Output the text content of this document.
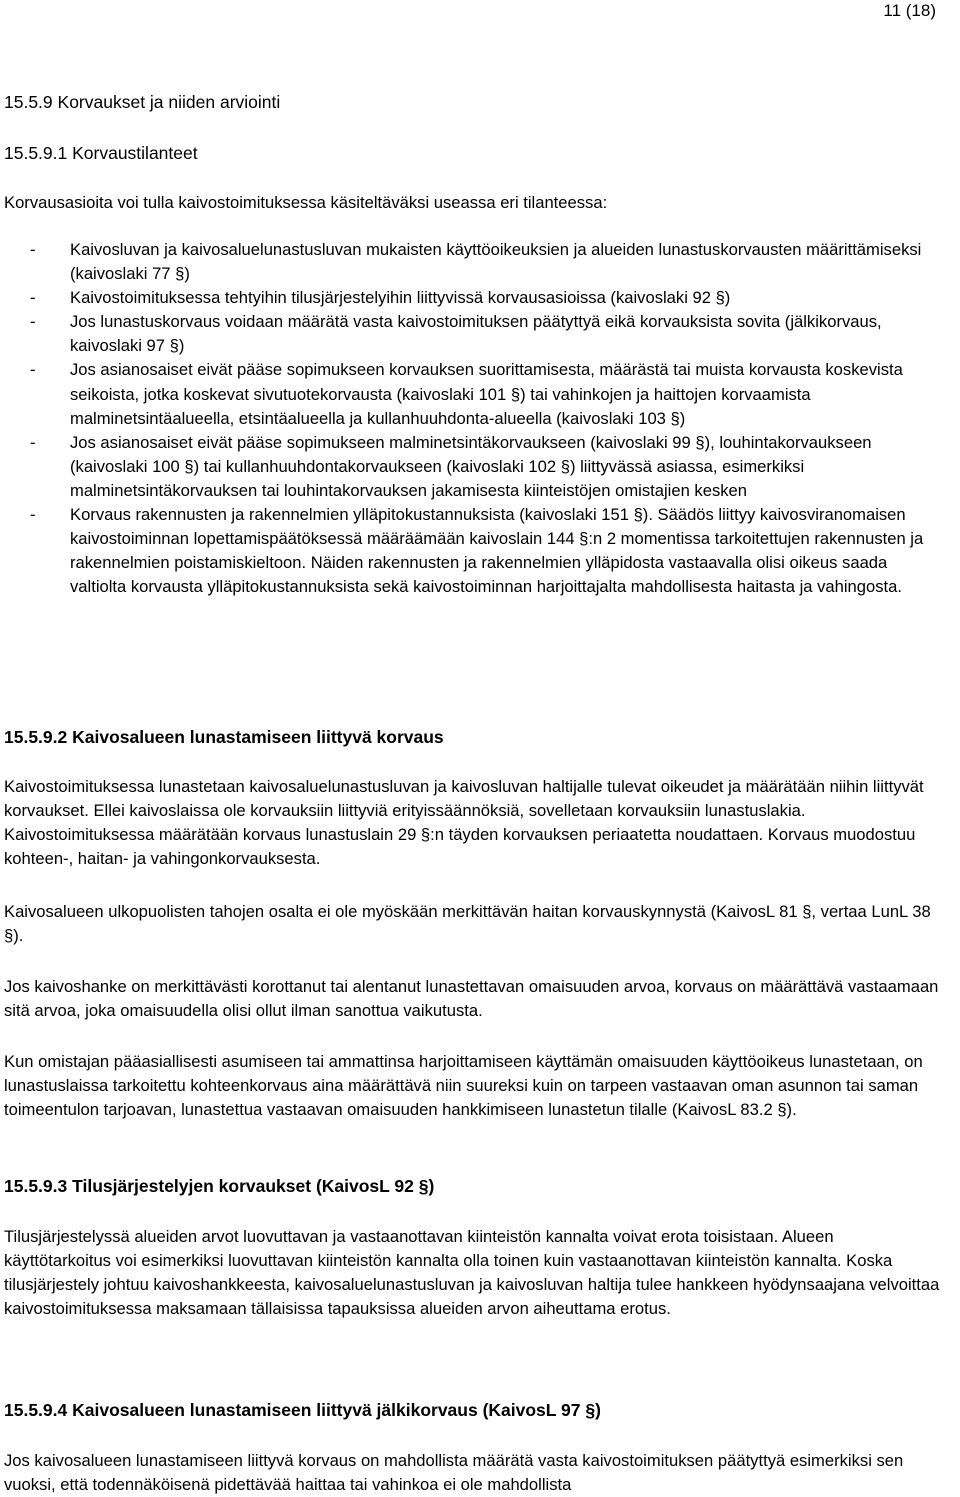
11 (18)
15.5.9 Korvaukset ja niiden arviointi
15.5.9.1 Korvaustilanteet

Korvausasioita voi tulla kaivostoimituksessa käsiteltäväksi useassa eri tilanteessa:

- Kaivosluvan ja kaivosaluelunastusluvan mukaisten käyttöoikeuksien ja alueiden lunastuskorvausten määrittämiseksi (kaivoslaki 77 §)
- Kaivostoimituksessa tehtyihin tilusjärjestelyihin liittyvissä korvausasioissa (kaivoslaki 92 §)
- Jos lunastuskorvaus voidaan määrätä vasta kaivostoimituksen päätyttyä eikä korvauksista sovita (jälkikorvaus, kaivoslaki 97 §)
- Jos asianosaiset eivät pääse sopimukseen korvauksen suorittamisesta, määrästä tai muista korvausta koskevista seikoista, jotka koskevat sivutuotekorvausta (kaivoslaki 101 §) tai vahinkojen ja haittojen korvaamista malminetsintäalueella, etsintäalueella ja kullanhuuhdonta-alueella (kaivoslaki 103 §)
- Jos asianosaiset eivät pääse sopimukseen malminetsintäkorvaukseen (kaivoslaki 99 §), louhintakorvaukseen (kaivoslaki 100 §) tai kullanhuuhdontakorvaukseen (kaivoslaki 102 §) liittyvässä asiassa, esimerkiksi malminetsintäkorvauksen tai louhintakorvauksen jakamisesta kiinteistöjen omistajien kesken
- Korvaus rakennusten ja rakennelmien ylläpitokustannuksista (kaivoslaki 151 §). Säädös liittyy kaivosviranomaisen kaivostoiminnan lopettamispäätöksessä määräämään kaivoslain 144 §:n 2 momentissa tarkoitettujen rakennusten ja rakennelmien poistamiskieltoon. Näiden rakennusten ja rakennelmien ylläpidosta vastaavalla olisi oikeus saada valtiolta korvausta ylläpitokustannuksista sekä kaivostoiminnan harjoittajalta mahdollisesta haitasta ja vahingosta.
15.5.9.2 Kaivosalueen lunastamiseen liittyvä korvaus

Kaivostoimituksessa lunastetaan kaivosaluelunastusluvan ja kaivosluvan haltijalle tulevat oikeudet ja määrätään niihin liittyvät korvaukset. Ellei kaivoslaissa ole korvauksiin liittyviä erityissäännöksiä, sovelletaan korvauksiin lunastuslakia. Kaivostoimituksessa määrätään korvaus lunastuslain 29 §:n täyden korvauksen periaatetta noudattaen. Korvaus muodostuu kohteen-, haitan- ja vahingonkorvauksesta.

Kaivosalueen ulkopuolisten tahojen osalta ei ole myöskään merkittävän haitan korvauskynnystä (KaivosL 81 §, vertaa LunL 38 §).

Jos kaivoshanke on merkittävästi korottanut tai alentanut lunastettavan omaisuuden arvoa, korvaus on määrättävä vastaamaan sitä arvoa, joka omaisuudella olisi ollut ilman sanottua vaikutusta.

Kun omistajan pääasiallisesti asumiseen tai ammattinsa harjoittamiseen käyttämän omaisuuden käyttöoikeus lunastetaan, on lunastuslaissa tarkoitettu kohteenkorvaus aina määrättävä niin suureksi kuin on tarpeen vastaavan oman asunnon tai saman toimeentulon tarjoavan, lunastettua vastaavan omaisuuden hankkimiseen lunastetun tilalle (KaivosL 83.2 §).

15.5.9.3 Tilusjärjestelyjen korvaukset (KaivosL 92 §)

Tilusjärjestelyssä alueiden arvot luovuttavan ja vastaanottavan kiinteistön kannalta voivat erota toisistaan. Alueen käyttötarkoitus voi esimerkiksi luovuttavan kiinteistön kannalta olla toinen kuin vastaanottavan kiinteistön kannalta. Koska tilusjärjestely johtuu kaivoshankkeesta, kaivosaluelunastusluvan ja kaivosluvan haltija tulee hankkeen hyödynsaajana velvoittaa kaivostoimituksessa maksamaan tällaisissa tapauksissa alueiden arvon aiheuttama erotus.

15.5.9.4 Kaivosalueen lunastamiseen liittyvä jälkikorvaus (KaivosL 97 §)

Jos kaivosalueen lunastamiseen liittyvä korvaus on mahdollista määrätä vasta kaivostoimituksen päätyttyä esimerkiksi sen vuoksi, että todennäköisenä pidettävää haittaa tai vahinkoa ei ole mahdollista
